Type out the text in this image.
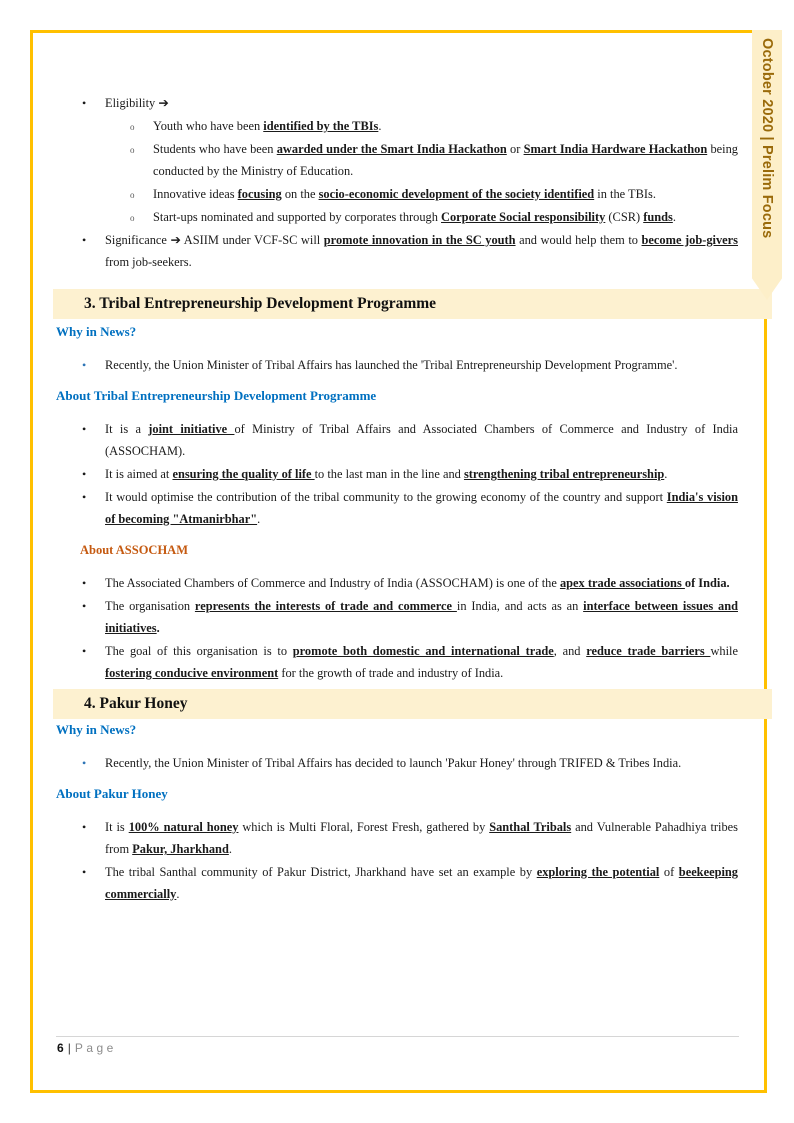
October 2020 | Prelim Focus
• Eligibility ➔
o Youth who have been identified by the TBIs.
o Students who have been awarded under the Smart India Hackathon or Smart India Hardware Hackathon being conducted by the Ministry of Education.
o Innovative ideas focusing on the socio-economic development of the society identified in the TBIs.
o Start-ups nominated and supported by corporates through Corporate Social responsibility (CSR) funds.
• Significance ➔ ASIIM under VCF-SC will promote innovation in the SC youth and would help them to become job-givers from job-seekers.
3. Tribal Entrepreneurship Development Programme
Why in News?
• Recently, the Union Minister of Tribal Affairs has launched the 'Tribal Entrepreneurship Development Programme'.
About Tribal Entrepreneurship Development Programme
• It is a joint initiative of Ministry of Tribal Affairs and Associated Chambers of Commerce and Industry of India (ASSOCHAM).
• It is aimed at ensuring the quality of life to the last man in the line and strengthening tribal entrepreneurship.
• It would optimise the contribution of the tribal community to the growing economy of the country and support India's vision of becoming "Atmanirbhar".
About ASSOCHAM
• The Associated Chambers of Commerce and Industry of India (ASSOCHAM) is one of the apex trade associations of India.
• The organisation represents the interests of trade and commerce in India, and acts as an interface between issues and initiatives.
• The goal of this organisation is to promote both domestic and international trade, and reduce trade barriers while fostering conducive environment for the growth of trade and industry of India.
4. Pakur Honey
Why in News?
• Recently, the Union Minister of Tribal Affairs has decided to launch 'Pakur Honey' through TRIFED & Tribes India.
About Pakur Honey
• It is 100% natural honey which is Multi Floral, Forest Fresh, gathered by Santhal Tribals and Vulnerable Pahadhiya tribes from Pakur, Jharkhand.
• The tribal Santhal community of Pakur District, Jharkhand have set an example by exploring the potential of beekeeping commercially.
6 | Page
